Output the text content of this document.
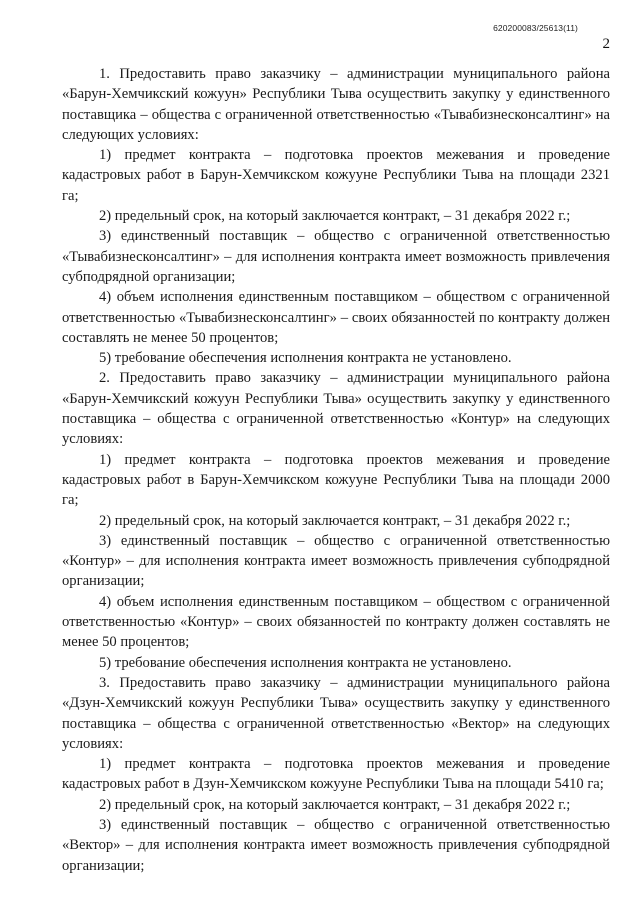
620200083/25613(11)
2

1. Предоставить право заказчику – администрации муниципального района «Барун-Хемчикский кожуун» Республики Тыва осуществить закупку у единственного поставщика – общества с ограниченной ответственностью «Тывабизнесконсалтинг» на следующих условиях:

1) предмет контракта – подготовка проектов межевания и проведение кадастровых работ в Барун-Хемчикском кожууне Республики Тыва на площади 2321 га;

2) предельный срок, на который заключается контракт, – 31 декабря 2022 г.;

3) единственный поставщик – общество с ограниченной ответственностью «Тывабизнесконсалтинг» – для исполнения контракта имеет возможность привлечения субподрядной организации;

4) объем исполнения единственным поставщиком – обществом с ограниченной ответственностью «Тывабизнесконсалтинг» – своих обязанностей по контракту должен составлять не менее 50 процентов;

5) требование обеспечения исполнения контракта не установлено.

2. Предоставить право заказчику – администрации муниципального района «Барун-Хемчикский кожуун Республики Тыва» осуществить закупку у единственного поставщика – общества с ограниченной ответственностью «Контур» на следующих условиях:

1) предмет контракта – подготовка проектов межевания и проведение кадастровых работ в Барун-Хемчикском кожууне Республики Тыва на площади 2000 га;

2) предельный срок, на который заключается контракт, – 31 декабря 2022 г.;

3) единственный поставщик – общество с ограниченной ответственностью «Контур» – для исполнения контракта имеет возможность привлечения субподрядной организации;

4) объем исполнения единственным поставщиком – обществом с ограниченной ответственностью «Контур» – своих обязанностей по контракту должен составлять не менее 50 процентов;

5) требование обеспечения исполнения контракта не установлено.

3. Предоставить право заказчику – администрации муниципального района «Дзун-Хемчикский кожуун Республики Тыва» осуществить закупку у единственного поставщика – общества с ограниченной ответственностью «Вектор» на следующих условиях:

1) предмет контракта – подготовка проектов межевания и проведение кадастровых работ в Дзун-Хемчикском кожууне Республики Тыва на площади 5410 га;

2) предельный срок, на который заключается контракт, – 31 декабря 2022 г.;

3) единственный поставщик – общество с ограниченной ответственностью «Вектор» – для исполнения контракта имеет возможность привлечения субподрядной организации;
